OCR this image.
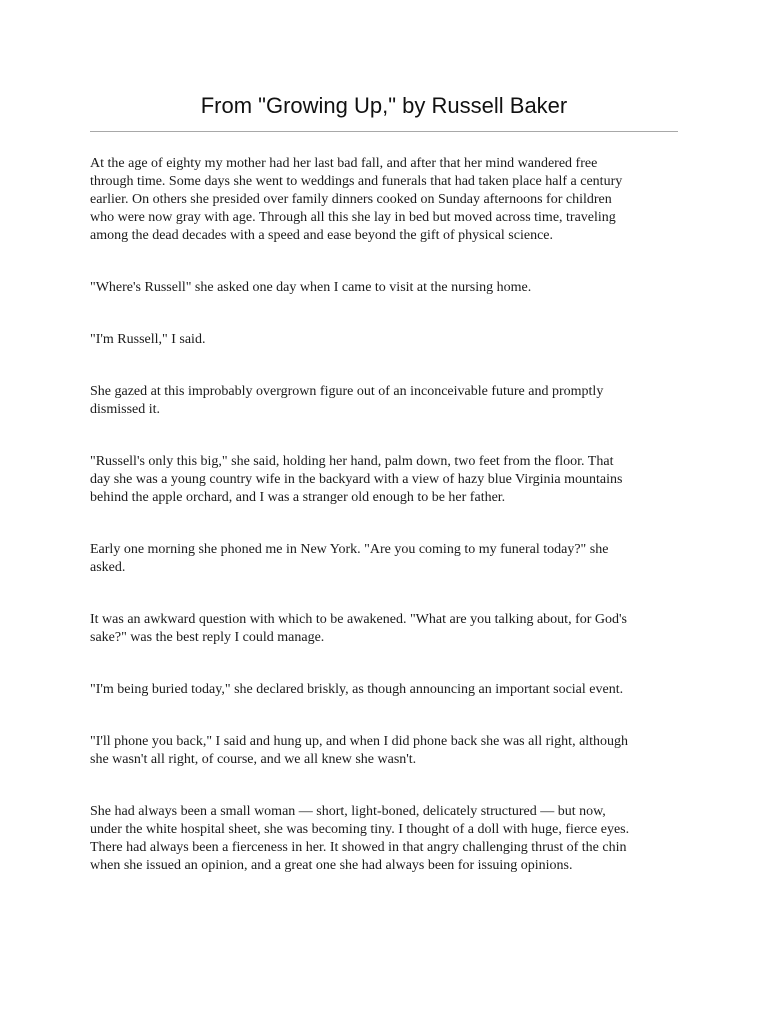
From "Growing Up," by Russell Baker

At the age of eighty my mother had her last bad fall, and after that her mind wandered free
through time. Some days she went to weddings and funerals that had taken place half a century
earlier. On others she presided over family dinners cooked on Sunday afternoons for children
who were now gray with age. Through all this she lay in bed but moved across time, traveling
among the dead decades with a speed and ease beyond the gift of physical science.

"Where's Russell" she asked one day when I came to visit at the nursing home.

"I'm Russell," I said.

She gazed at this improbably overgrown figure out of an inconceivable future and promptly
dismissed it.

"Russell's only this big," she said, holding her hand, palm down, two feet from the floor. That
day she was a young country wife in the backyard with a view of hazy blue Virginia mountains
behind the apple orchard, and I was a stranger old enough to be her father.

Early one morning she phoned me in New York. "Are you coming to my funeral today?" she
asked.

It was an awkward question with which to be awakened. "What are you talking about, for God's
sake?" was the best reply I could manage.

"I'm being buried today," she declared briskly, as though announcing an important social event.

"I'll phone you back," I said and hung up, and when I did phone back she was all right, although
she wasn't all right, of course, and we all knew she wasn't.

She had always been a small woman — short, light-boned, delicately structured — but now,
under the white hospital sheet, she was becoming tiny. I thought of a doll with huge, fierce eyes.
There had always been a fierceness in her. It showed in that angry challenging thrust of the chin
when she issued an opinion, and a great one she had always been for issuing opinions.
